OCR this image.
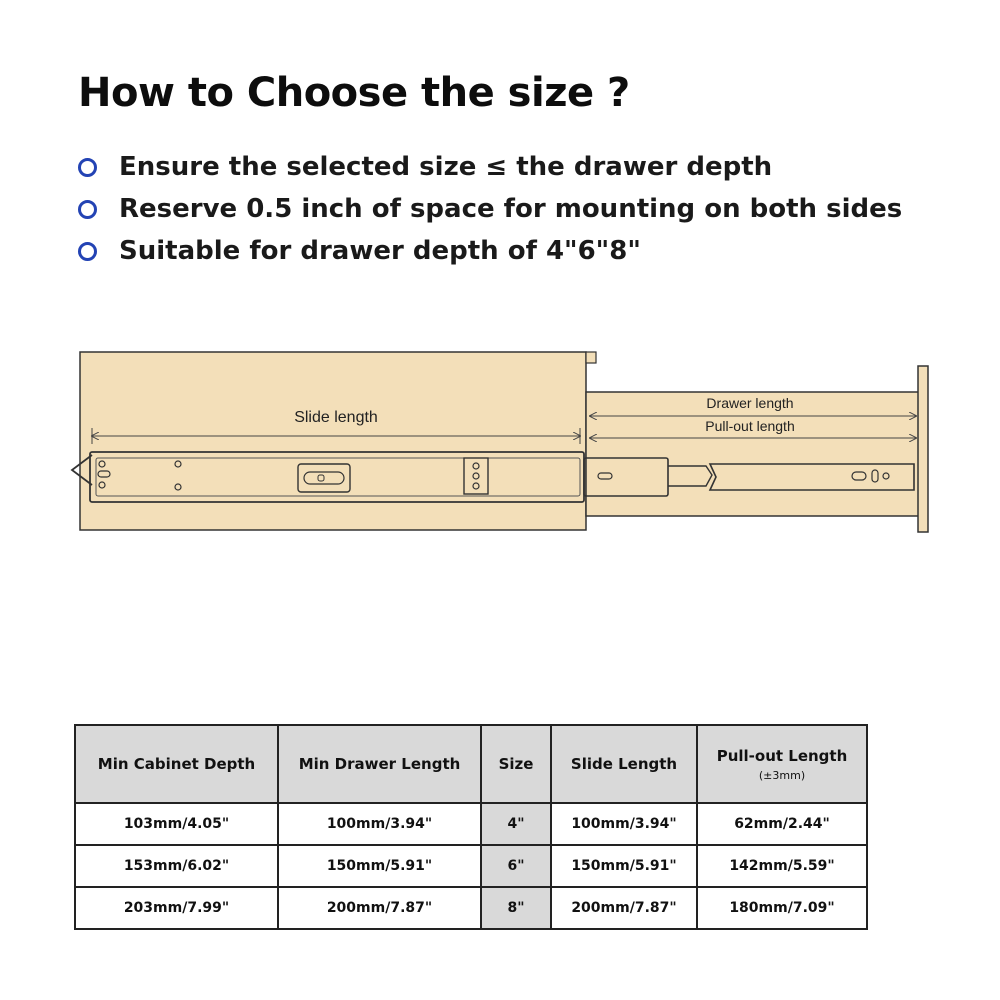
How to Choose the size ?
Ensure the selected size ≤ the drawer depth
Reserve 0.5 inch of space for mounting on both sides
Suitable for drawer depth of 4"6"8"
Slide length
Drawer length
Pull-out length
Min Cabinet Depth	Min Drawer Length	Size	Slide Length	Pull-out Length
(±3mm)

103mm/4.05"	100mm/3.94"	4"	100mm/3.94"	62mm/2.44"
153mm/6.02"	150mm/5.91"	6"	150mm/5.91"	142mm/5.59"
203mm/7.99"	200mm/7.87"	8"	200mm/7.87"	180mm/7.09"
